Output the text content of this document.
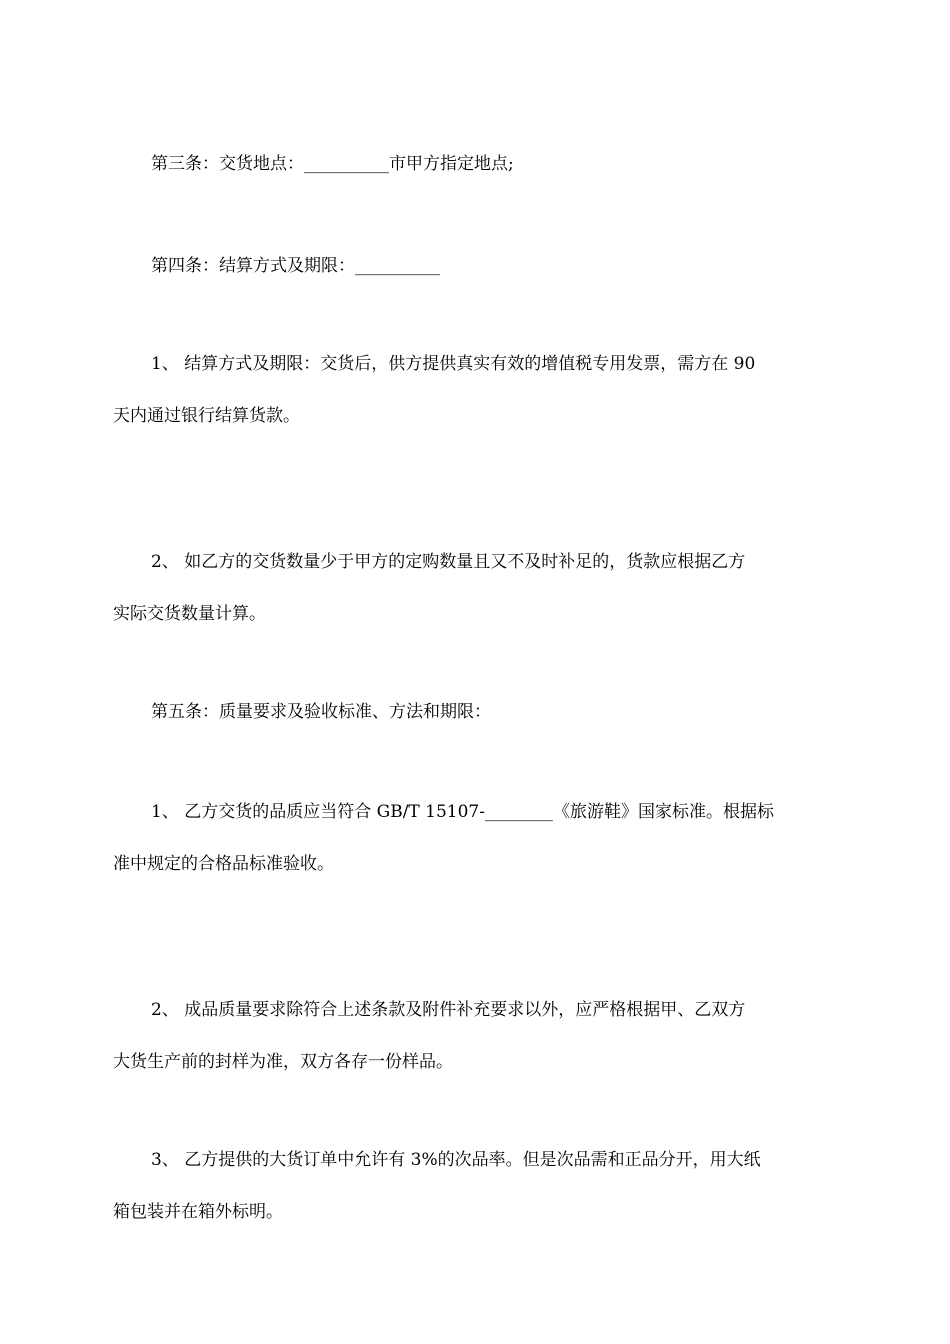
第三条：交货地点：__________市甲方指定地点;

第四条：结算方式及期限：__________

1、 结算方式及期限：交货后，供方提供真实有效的增值税专用发票，需方在 90
天内通过银行结算货款。

2、 如乙方的交货数量少于甲方的定购数量且又不及时补足的，货款应根据乙方
实际交货数量计算。

第五条：质量要求及验收标准、方法和期限：

1、 乙方交货的品质应当符合 GB/T 15107-________《旅游鞋》国家标准。根据标
准中规定的合格品标准验收。

2、 成品质量要求除符合上述条款及附件补充要求以外，应严格根据甲、乙双方
大货生产前的封样为准，双方各存一份样品。

3、 乙方提供的大货订单中允许有 3%的次品率。但是次品需和正品分开，用大纸
箱包装并在箱外标明。
